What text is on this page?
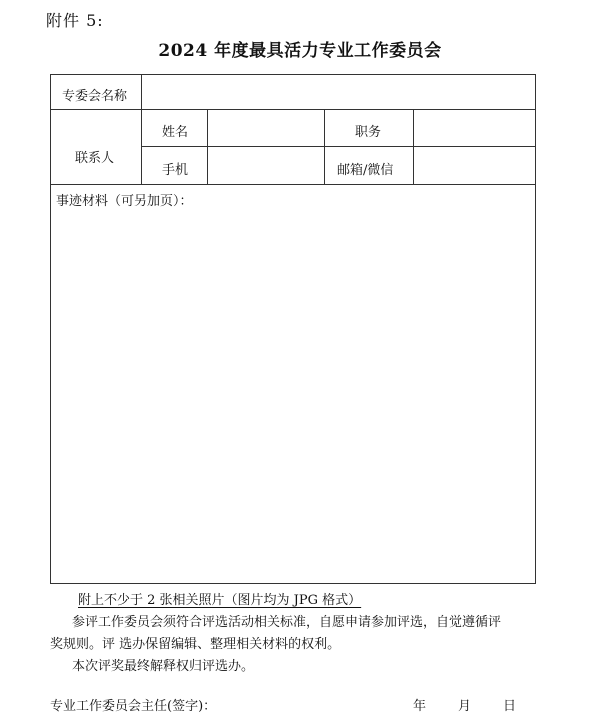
附件 5:
2024 年度最具活力专业工作委员会
专委会名称
联系人
姓名	职务
手机	邮箱/微信
事迹材料（可另加页）：
附上不少于 2 张相关照片（图片均为 JPG 格式）
参评工作委员会须符合评选活动相关标准，自愿申请参加评选，自觉遵循评
奖规则。评 选办保留编辑、整理相关材料的权利。
本次评奖最终解释权归评选办。
专业工作委员会主任(签字)：	年 月 日
